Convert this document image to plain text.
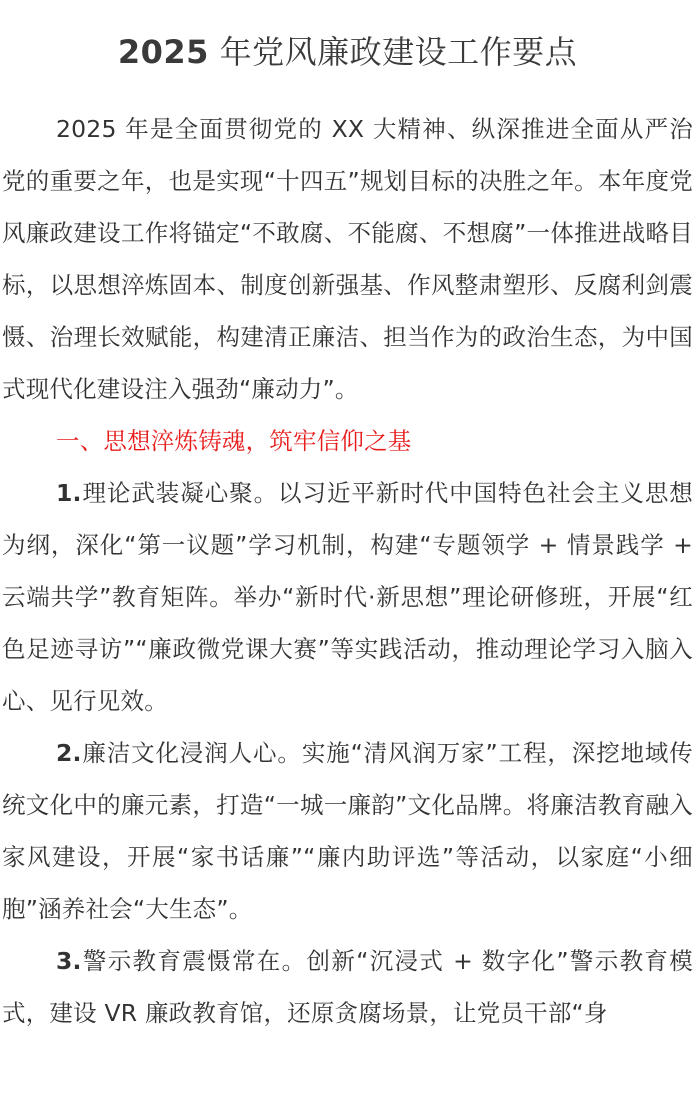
2025 年党风廉政建设工作要点

2025 年是全面贯彻党的 XX 大精神、纵深推进全面从严治党的重要之年，也是实现“十四五”规划目标的决胜之年。本年度党风廉政建设工作将锚定“不敢腐、不能腐、不想腐”一体推进战略目标，以思想淬炼固本、制度创新强基、作风整肃塑形、反腐利剑震慑、治理长效赋能，构建清正廉洁、担当作为的政治生态，为中国式现代化建设注入强劲“廉动力”。

一、思想淬炼铸魂，筑牢信仰之基

1.理论武装凝心聚。以习近平新时代中国特色社会主义思想为纲，深化“第一议题”学习机制，构建“专题领学 + 情景践学 + 云端共学”教育矩阵。举办“新时代·新思想”理论研修班，开展“红色足迹寻访”“廉政微党课大赛”等实践活动，推动理论学习入脑入心、见行见效。

2.廉洁文化浸润人心。实施“清风润万家”工程，深挖地域传统文化中的廉元素，打造“一城一廉韵”文化品牌。将廉洁教育融入家风建设，开展“家书话廉”“廉内助评选”等活动，以家庭“小细胞”涵养社会“大生态”。

3.警示教育震慑常在。创新“沉浸式 + 数字化”警示教育模式，建设 VR 廉政教育馆，还原贪腐场景，让党员干部“身
